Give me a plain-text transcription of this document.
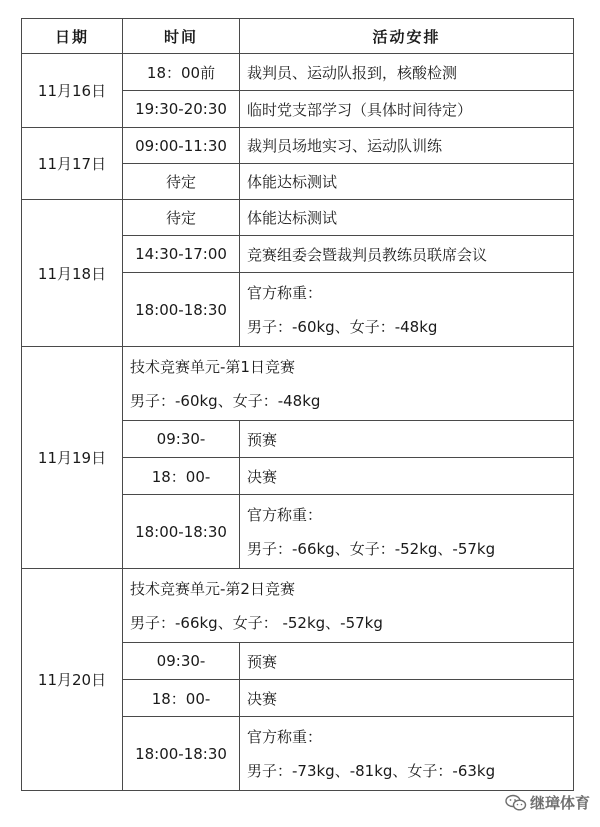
日期	时间	活动安排
11月16日	18：00前	裁判员、运动队报到，核酸检测
	19:30-20:30	临时党支部学习（具体时间待定）
11月17日	09:00-11:30	裁判员场地实习、运动队训练
	待定	体能达标测试
11月18日	待定	体能达标测试
	14:30-17:00	竞赛组委会暨裁判员教练员联席会议
	18:00-18:30	官方称重：
男子：-60kg、女子：-48kg

11月19日	技术竞赛单元-第1日竞赛
男子：-60kg、女子：-48kg	

	09:30-	预赛
	18：00-	决赛
	18:00-18:30	官方称重：
男子：-66kg、女子：-52kg、-57kg

11月20日	技术竞赛单元-第2日竞赛
男子：-66kg、女子： -52kg、-57kg	

	09:30-	预赛
	18：00-	决赛
	18:00-18:30	官方称重：
男子：-73kg、-81kg、女子：-63kg
继璋体育
